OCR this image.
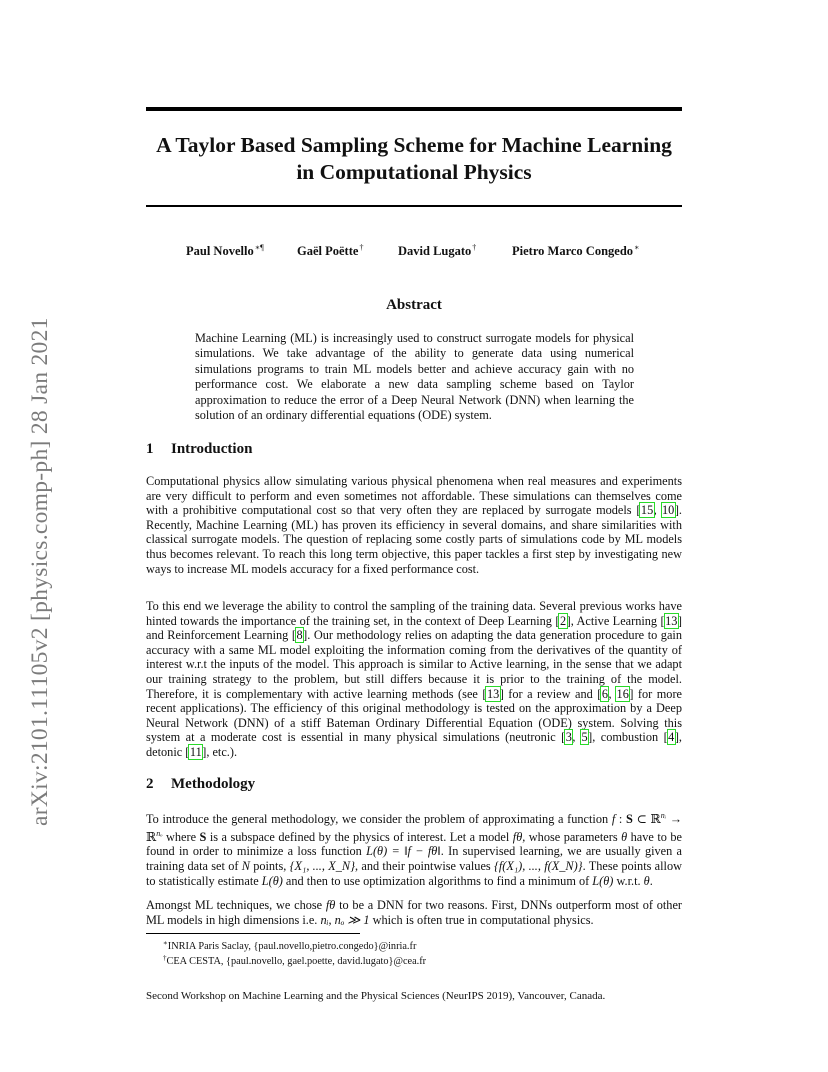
arXiv:2101.11105v2 [physics.comp-ph] 28 Jan 2021
A Taylor Based Sampling Scheme for Machine Learning in Computational Physics
Paul Novello∗¶	Gaël Poëtte†	David Lugato†	Pietro Marco Congedo∗
Abstract

Machine Learning (ML) is increasingly used to construct surrogate models for physical simulations. We take advantage of the ability to generate data using numerical simulations programs to train ML models better and achieve accuracy gain with no performance cost. We elaborate a new data sampling scheme based on Taylor approximation to reduce the error of a Deep Neural Network (DNN) when learning the solution of an ordinary differential equations (ODE) system.

1 Introduction

Computational physics allow simulating various physical phenomena when real measures and experiments are very difficult to perform and even sometimes not affordable. These simulations can themselves come with a prohibitive computational cost so that very often they are replaced by surrogate models [15, 10]. Recently, Machine Learning (ML) has proven its efficiency in several domains, and share similarities with classical surrogate models. The question of replacing some costly parts of simulations code by ML models thus becomes relevant. To reach this long term objective, this paper tackles a first step by investigating new ways to increase ML models accuracy for a fixed performance cost.

To this end we leverage the ability to control the sampling of the training data. Several previous works have hinted towards the importance of the training set, in the context of Deep Learning [2], Active Learning [13] and Reinforcement Learning [8]. Our methodology relies on adapting the data generation procedure to gain accuracy with a same ML model exploiting the information coming from the derivatives of the quantity of interest w.r.t the inputs of the model. This approach is similar to Active learning, in the sense that we adapt our training strategy to the problem, but still differs because it is prior to the training of the model. Therefore, it is complementary with active learning methods (see [13] for a review and [6, 16] for more recent applications). The efficiency of this original methodology is tested on the approximation by a Deep Neural Network (DNN) of a stiff Bateman Ordinary Differential Equation (ODE) system. Solving this system at a moderate cost is essential in many physical simulations (neutronic [3, 5], combustion [4], detonic [11], etc.).

2 Methodology

To introduce the general methodology, we consider the problem of approximating a function f : S ⊂ ℝ$^{nᵢ}$ → ℝ$^{n_o}$ where S is a subspace defined by the physics of interest. Let a model fθ, whose parameters θ have to be found in order to minimize a loss function L(θ) = ‖f − fθ‖. In supervised learning, we are usually given a training data set of N points, {X₁, ..., X_N}, and their pointwise values {f(X₁), ..., f(X_N)}. These points allow to statistically estimate L(θ) and then to use optimization algorithms to find a minimum of L(θ) w.r.t. θ.

Amongst ML techniques, we chose fθ to be a DNN for two reasons. First, DNNs outperform most of other ML models in high dimensions i.e. nᵢ, nₒ ≫ 1 which is often true in computational physics.

∗INRIA Paris Saclay, {paul.novello,pietro.congedo}@inria.fr

†CEA CESTA, {paul.novello, gael.poette, david.lugato}@cea.fr

Second Workshop on Machine Learning and the Physical Sciences (NeurIPS 2019), Vancouver, Canada.
